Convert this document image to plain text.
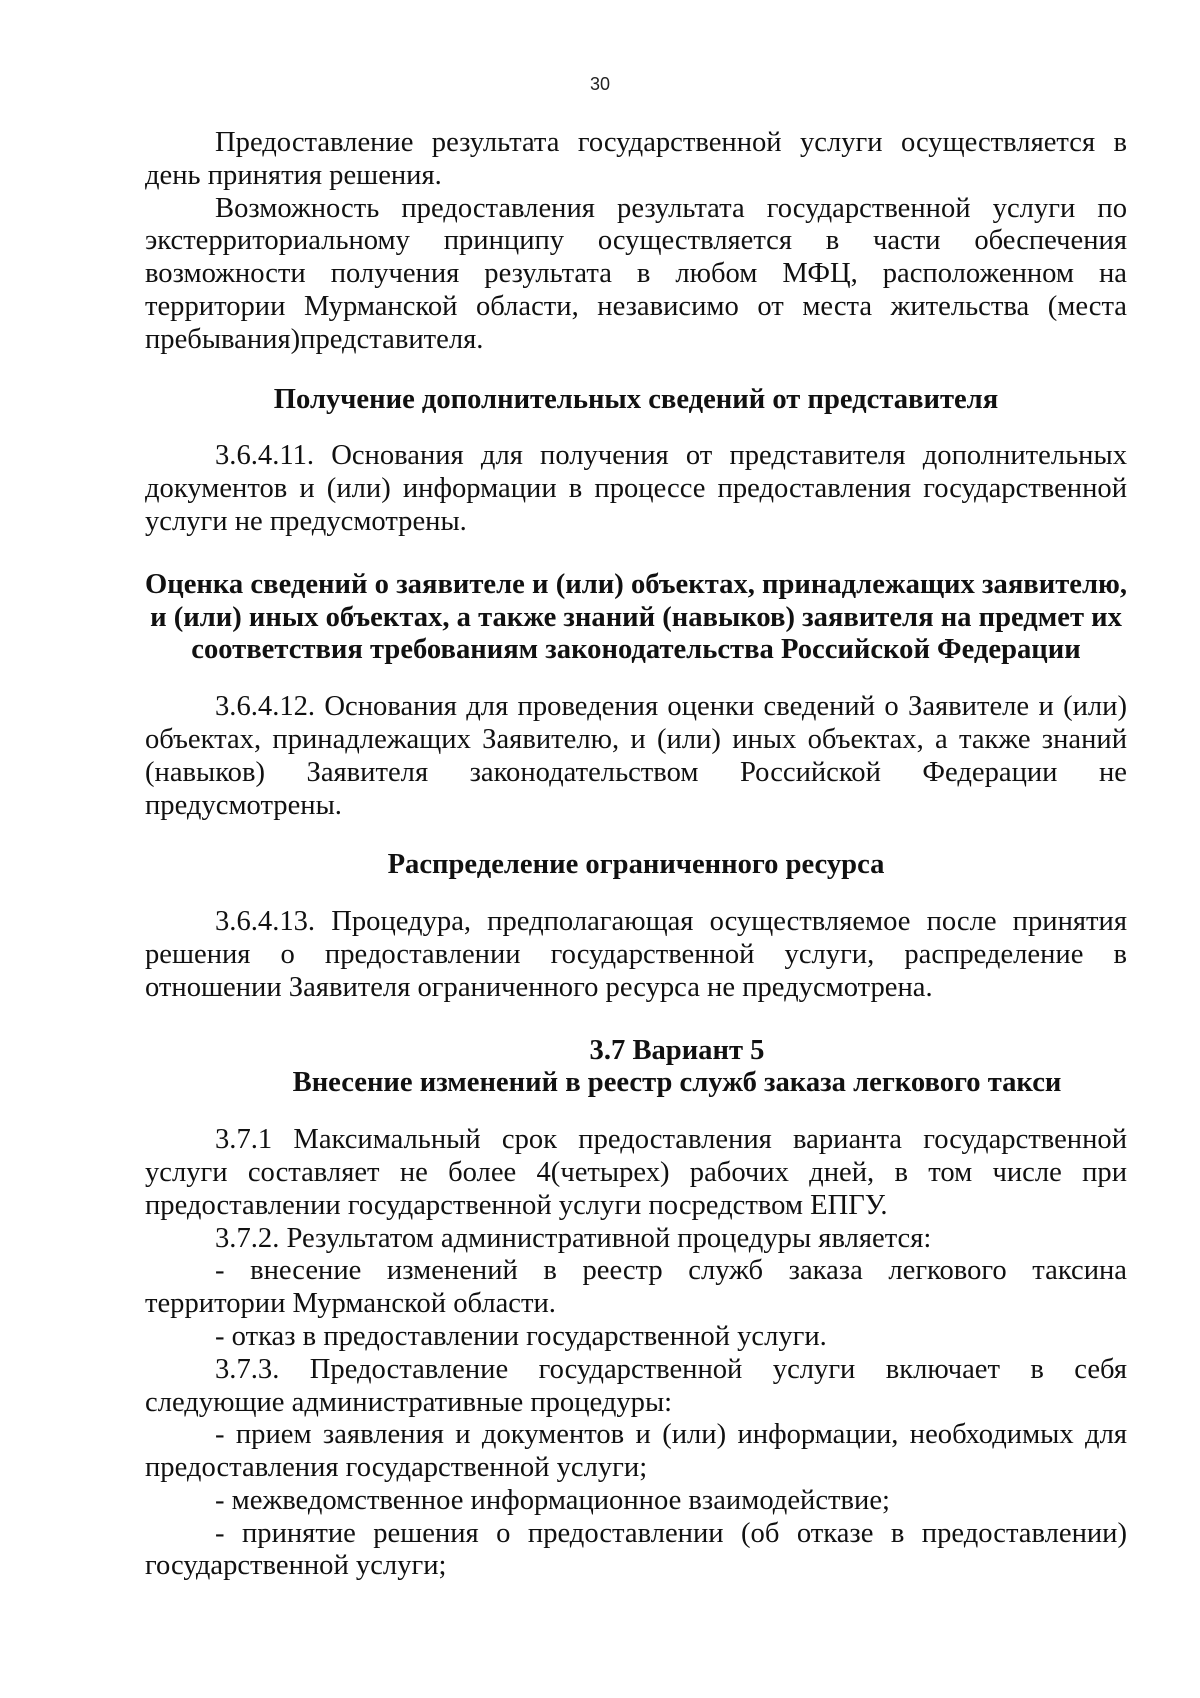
30

Предоставление результата государственной услуги осуществляется в день принятия решения.

Возможность предоставления результата государственной услуги по экстерриториальному принципу осуществляется в части обеспечения возможности получения результата в любом МФЦ, расположенном на территории Мурманской области, независимо от места жительства (места пребывания)представителя.

Получение дополнительных сведений от представителя

3.6.4.11. Основания для получения от представителя дополнительных документов и (или) информации в процессе предоставления государственной услуги не предусмотрены.

Оценка сведений о заявителе и (или) объектах, принадлежащих заявителю,
и (или) иных объектах, а также знаний (навыков) заявителя на предмет их
соответствия требованиям законодательства Российской Федерации

3.6.4.12. Основания для проведения оценки сведений о Заявителе и (или) объектах, принадлежащих Заявителю, и (или) иных объектах, а также знаний (навыков) Заявителя законодательством Российской Федерации не предусмотрены.

Распределение ограниченного ресурса

3.6.4.13. Процедура, предполагающая осуществляемое после принятия решения о предоставлении государственной услуги, распределение в отношении Заявителя ограниченного ресурса не предусмотрена.

3.7 Вариант 5
Внесение изменений в реестр служб заказа легкового такси

3.7.1 Максимальный срок предоставления варианта государственной услуги составляет не более 4(четырех) рабочих дней, в том числе при предоставлении государственной услуги посредством ЕПГУ.

3.7.2. Результатом административной процедуры является:

- внесение изменений в реестр служб заказа легкового таксина территории Мурманской области.

- отказ в предоставлении государственной услуги.

3.7.3. Предоставление государственной услуги включает в себя следующие административные процедуры:

- прием заявления и документов и (или) информации, необходимых для предоставления государственной услуги;

- межведомственное информационное взаимодействие;

- принятие решения о предоставлении (об отказе в предоставлении) государственной услуги;
